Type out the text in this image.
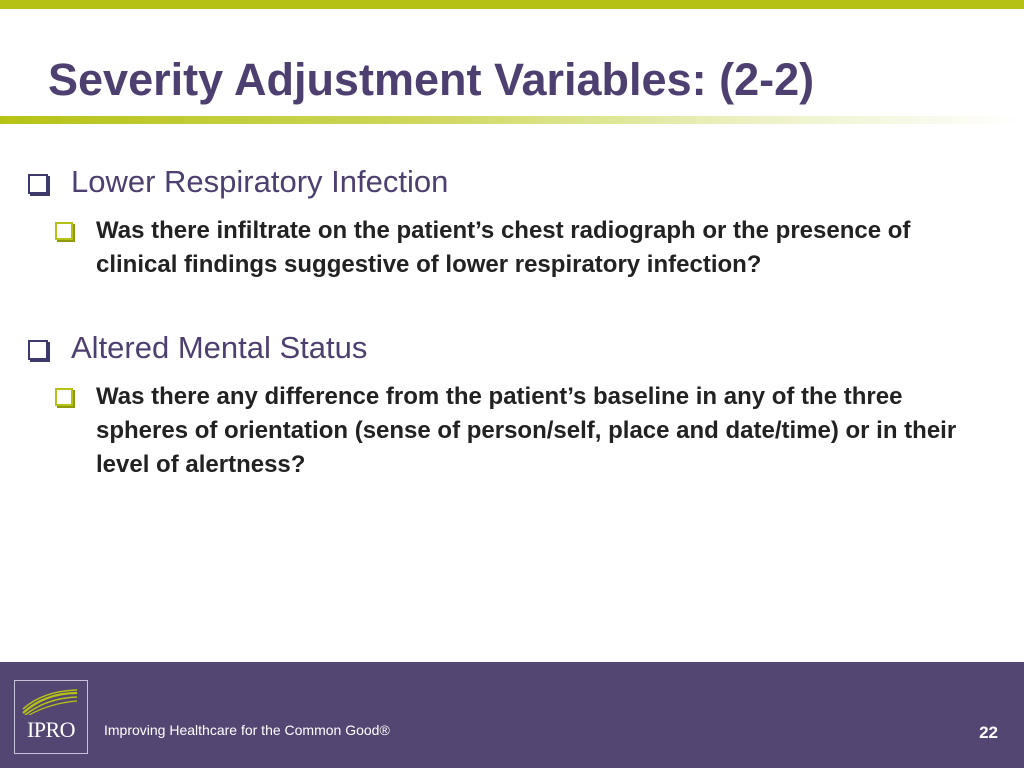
Severity Adjustment Variables: (2-2)
Lower Respiratory Infection
Was there infiltrate on the patient’s chest radiograph or the presence of clinical findings suggestive of lower respiratory infection?
Altered Mental Status
Was there any difference from the patient’s baseline in any of the three spheres of orientation (sense of person/self, place and date/time) or in their level of alertness?
IPRO	Improving Healthcare for the Common Good®	22
